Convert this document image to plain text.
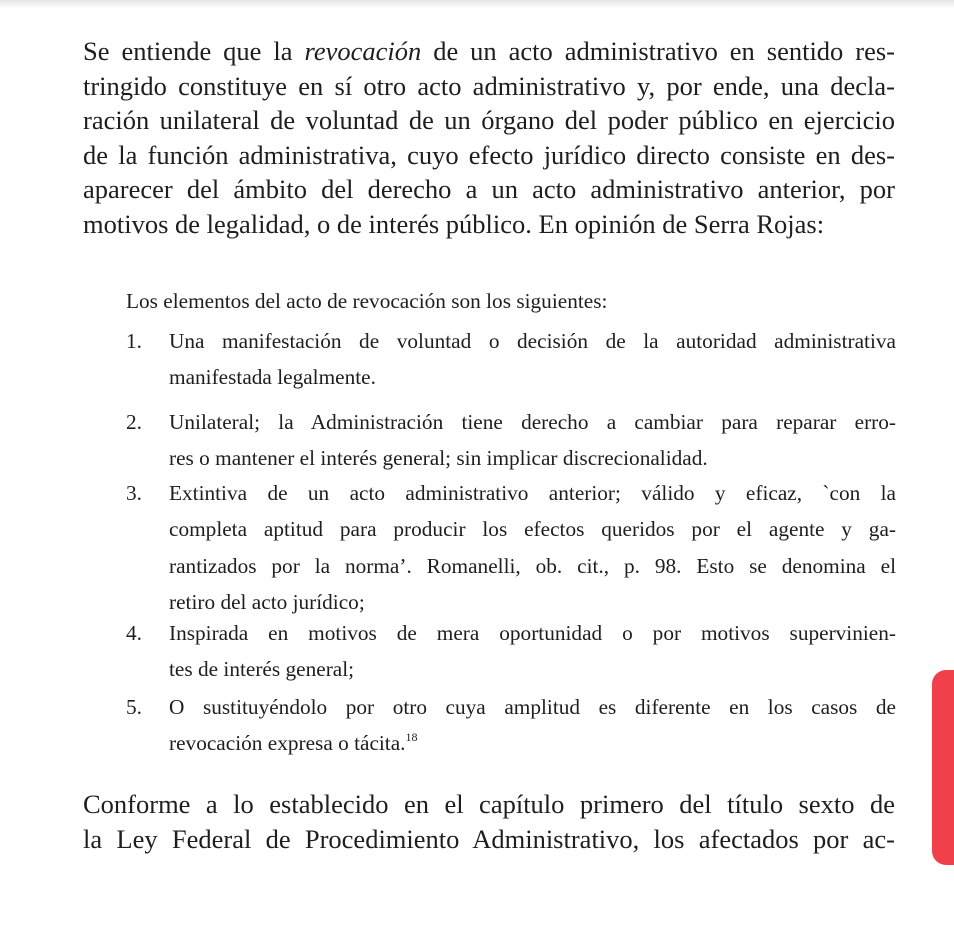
Se entiende que la revocación de un acto administrativo en sentido res-
tringido constituye en sí otro acto administrativo y, por ende, una decla-
ración unilateral de voluntad de un órgano del poder público en ejercicio
de la función administrativa, cuyo efecto jurídico directo consiste en des-
aparecer del ámbito del derecho a un acto administrativo anterior, por
motivos de legalidad, o de interés público. En opinión de Serra Rojas:
Los elementos del acto de revocación son los siguientes:
1.	Una manifestación de voluntad o decisión de la autoridad administrativa
manifestada legalmente.
2.	Unilateral; la Administración tiene derecho a cambiar para reparar erro-
res o mantener el interés general; sin implicar discrecionalidad.
3.	Extintiva de un acto administrativo anterior; válido y eficaz, `con la
completa aptitud para producir los efectos queridos por el agente y ga-
rantizados por la norma’. Romanelli, ob. cit., p. 98. Esto se denomina el
retiro del acto jurídico;
4.	Inspirada en motivos de mera oportunidad o por motivos supervinien-
tes de interés general;
5.	O sustituyéndolo por otro cuya amplitud es diferente en los casos de
revocación expresa o tácita.$^{18}$
Conforme a lo establecido en el capítulo primero del título sexto de
la Ley Federal de Procedimiento Administrativo, los afectados por ac-
